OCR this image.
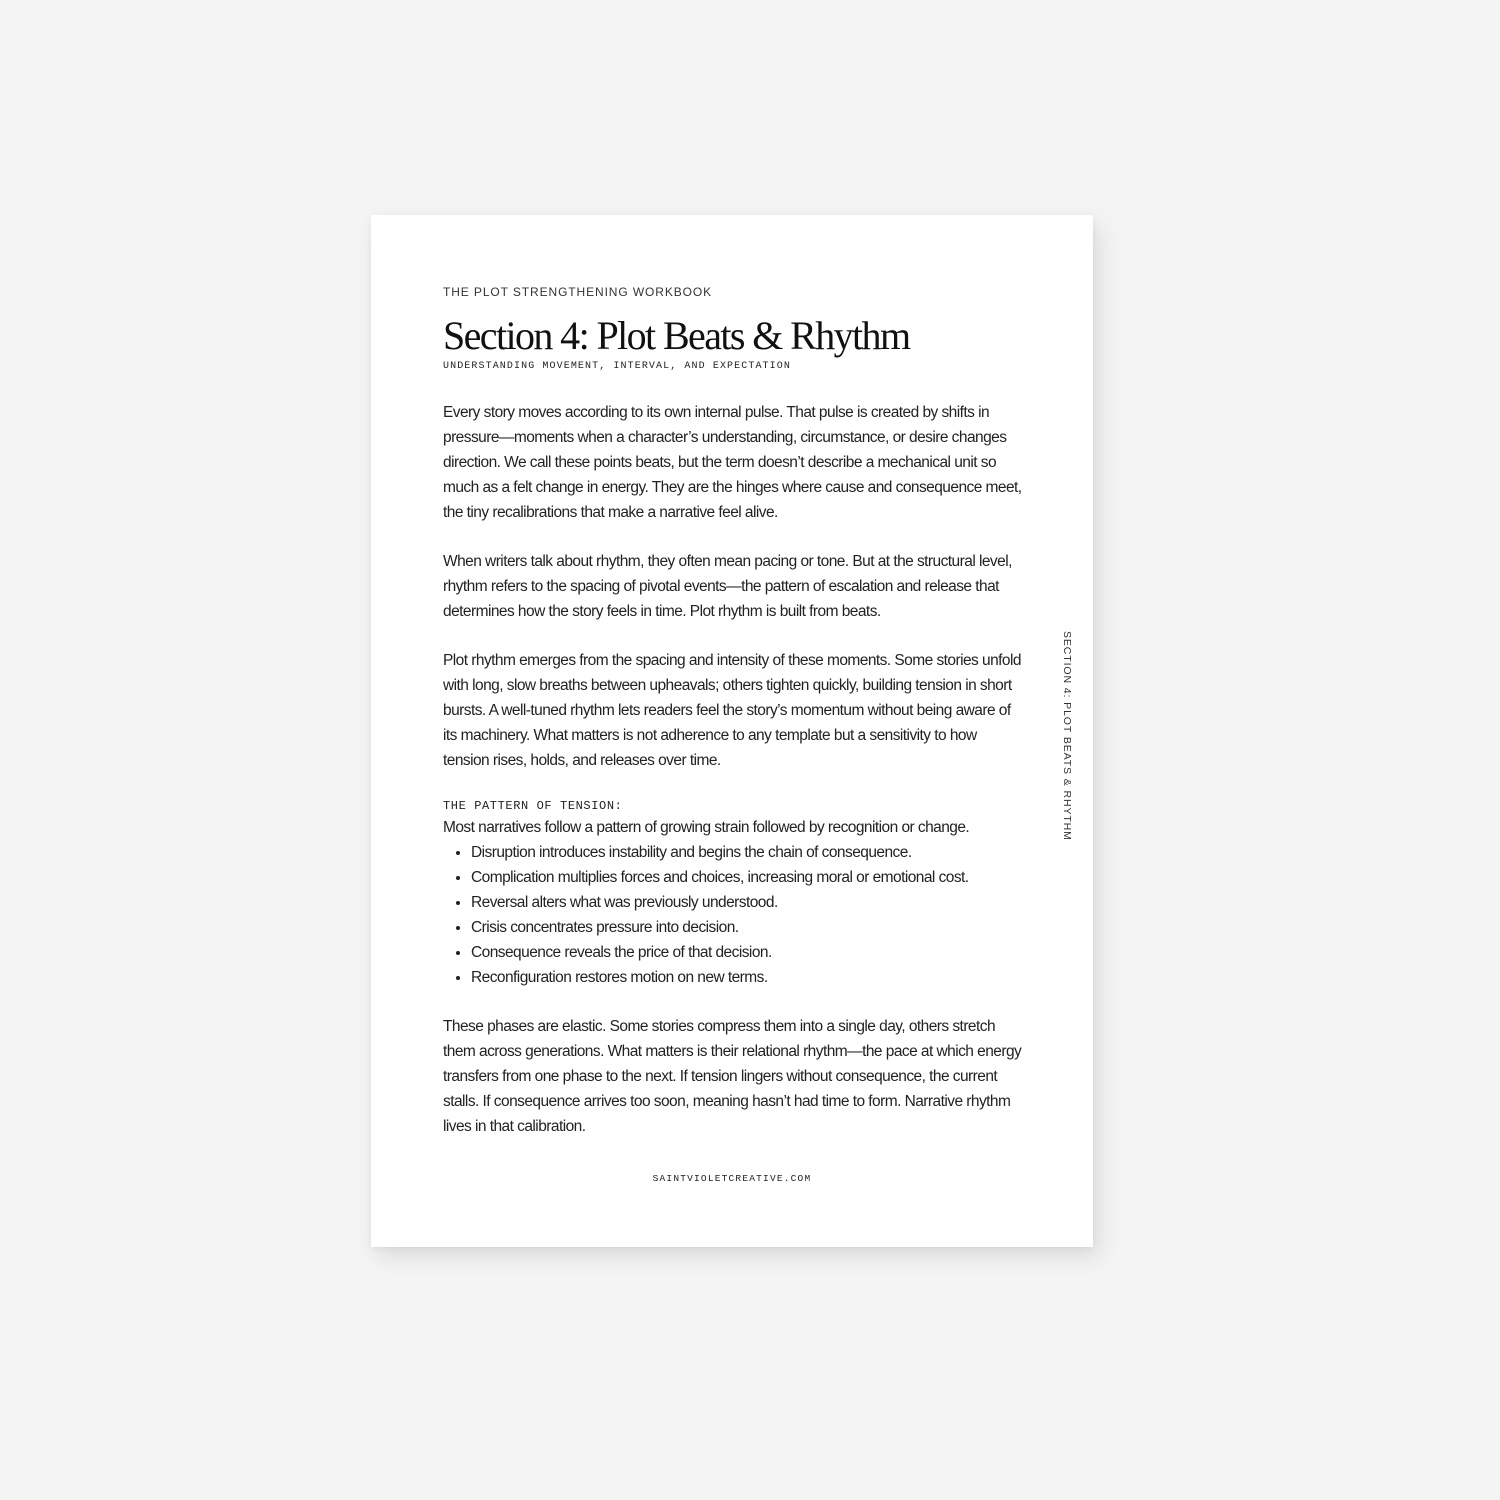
THE PLOT STRENGTHENING WORKBOOK

Section 4: Plot Beats & Rhythm

UNDERSTANDING MOVEMENT, INTERVAL, AND EXPECTATION

Every story moves according to its own internal pulse. That pulse is created by shifts in pressure—moments when a character’s understanding, circumstance, or desire changes direction. We call these points beats, but the term doesn’t describe a mechanical unit so much as a felt change in energy. They are the hinges where cause and consequence meet, the tiny recalibrations that make a narrative feel alive.

When writers talk about rhythm, they often mean pacing or tone. But at the structural level, rhythm refers to the spacing of pivotal events—the pattern of escalation and release that determines how the story feels in time. Plot rhythm is built from beats.

Plot rhythm emerges from the spacing and intensity of these moments. Some stories unfold with long, slow breaths between upheavals; others tighten quickly, building tension in short bursts. A well-tuned rhythm lets readers feel the story’s momentum without being aware of its machinery. What matters is not adherence to any template but a sensitivity to how tension rises, holds, and releases over time.

THE PATTERN OF TENSION:

Most narratives follow a pattern of growing strain followed by recognition or change.

• Disruption introduces instability and begins the chain of consequence.
• Complication multiplies forces and choices, increasing moral or emotional cost.
• Reversal alters what was previously understood.
• Crisis concentrates pressure into decision.
• Consequence reveals the price of that decision.
• Reconfiguration restores motion on new terms.

These phases are elastic. Some stories compress them into a single day, others stretch them across generations. What matters is their relational rhythm—the pace at which energy transfers from one phase to the next. If tension lingers without consequence, the current stalls. If consequence arrives too soon, meaning hasn’t had time to form. Narrative rhythm lives in that calibration.

SECTION 4: PLOT BEATS & RHYTHM
SAINTVIOLETCREATIVE.COM
